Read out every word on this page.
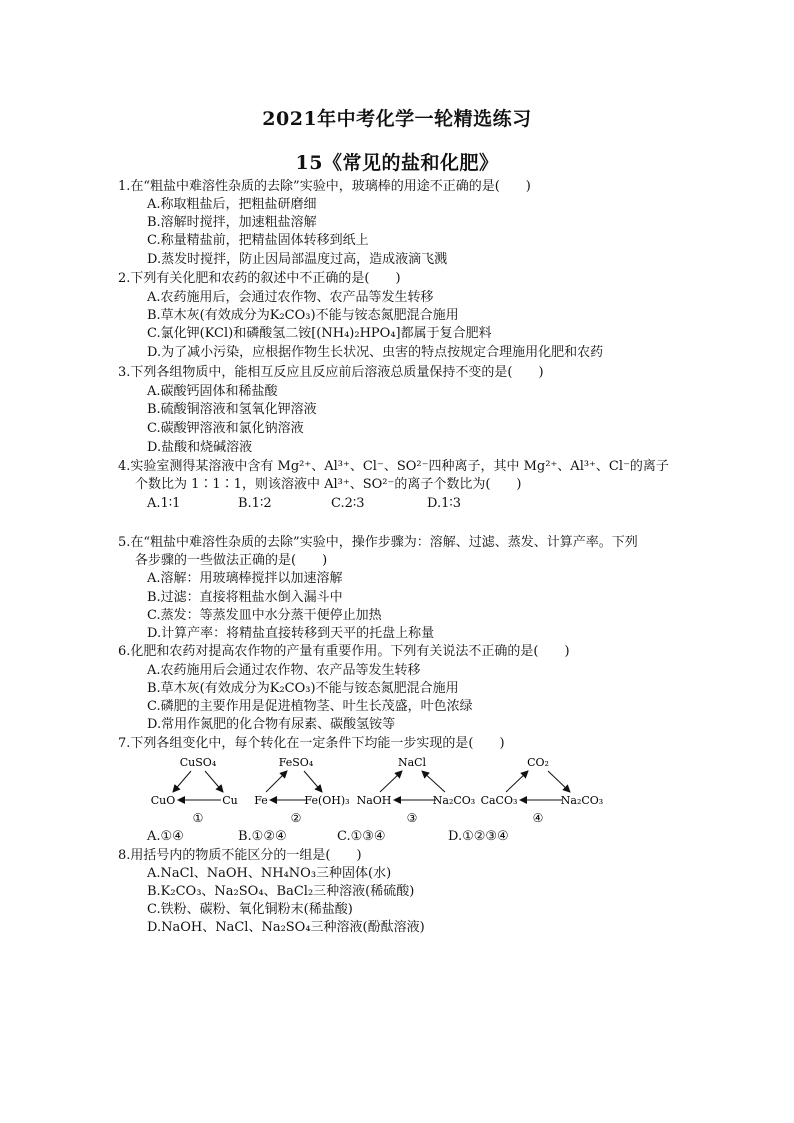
2021年中考化学一轮精选练习
15《常见的盐和化肥》
1.在“粗盐中难溶性杂质的去除”实验中，玻璃棒的用途不正确的是(　　)
A.称取粗盐后，把粗盐研磨细
B.溶解时搅拌，加速粗盐溶解
C.称量精盐前，把精盐固体转移到纸上
D.蒸发时搅拌，防止因局部温度过高，造成液滴飞溅
2.下列有关化肥和农药的叙述中不正确的是(　　)
A.农药施用后，会通过农作物、农产品等发生转移
B.草木灰(有效成分为K₂CO₃)不能与铵态氮肥混合施用
C.氯化钾(KCl)和磷酸氢二铵[(NH₄)₂HPO₄]都属于复合肥料
D.为了减小污染，应根据作物生长状况、虫害的特点按规定合理施用化肥和农药
3.下列各组物质中，能相互反应且反应前后溶液总质量保持不变的是(　　)
A.碳酸钙固体和稀盐酸
B.硫酸铜溶液和氢氧化钾溶液
C.碳酸钾溶液和氯化钠溶液
D.盐酸和烧碱溶液
4.实验室测得某溶液中含有 Mg²⁺、Al³⁺、Cl⁻、SO²⁻四种离子，其中 Mg²⁺、Al³⁺、Cl⁻的离子
个数比为 1∶1∶1，则该溶液中 Al³⁺、SO²⁻的离子个数比为(　　)
A.1∶1	B.1∶2	C.2∶3	D.1∶3
5.在“粗盐中难溶性杂质的去除”实验中，操作步骤为：溶解、过滤、蒸发、计算产率。下列
各步骤的一些做法正确的是(　　)
A.溶解：用玻璃棒搅拌以加速溶解
B.过滤：直接将粗盐水倒入漏斗中
C.蒸发：等蒸发皿中水分蒸干便停止加热
D.计算产率：将精盐直接转移到天平的托盘上称量
6.化肥和农药对提高农作物的产量有重要作用。下列有关说法不正确的是(　　)
A.农药施用后会通过农作物、农产品等发生转移
B.草木灰(有效成分为K₂CO₃)不能与铵态氮肥混合施用
C.磷肥的主要作用是促进植物茎、叶生长茂盛，叶色浓绿
D.常用作氮肥的化合物有尿素、碳酸氢铵等
7.下列各组变化中，每个转化在一定条件下均能一步实现的是(　　)
CuSO₄
CuO	Cu
①
FeSO₄
Fe	Fe(OH)₃
②
NaCl
NaOH	Na₂CO₃
③
CO₂
CaCO₃	Na₂CO₃
④
A.①④	B.①②④	C.①③④	D.①②③④
8.用括号内的物质不能区分的一组是(　　)
A.NaCl、NaOH、NH₄NO₃三种固体(水)
B.K₂CO₃、Na₂SO₄、BaCl₂三种溶液(稀硫酸)
C.铁粉、碳粉、氧化铜粉末(稀盐酸)
D.NaOH、NaCl、Na₂SO₄三种溶液(酚酞溶液)
